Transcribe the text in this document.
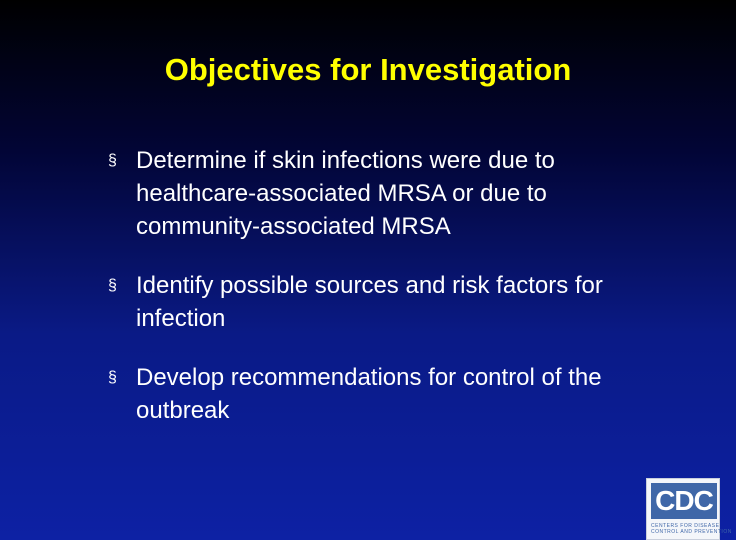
Objectives for Investigation
§ Determine if skin infections were due to healthcare-associated MRSA or due to community-associated MRSA
§ Identify possible sources and risk factors for infection
§ Develop recommendations for control of the outbreak
CDC
CENTERS FOR DISEASE
CONTROL AND PREVENTION
